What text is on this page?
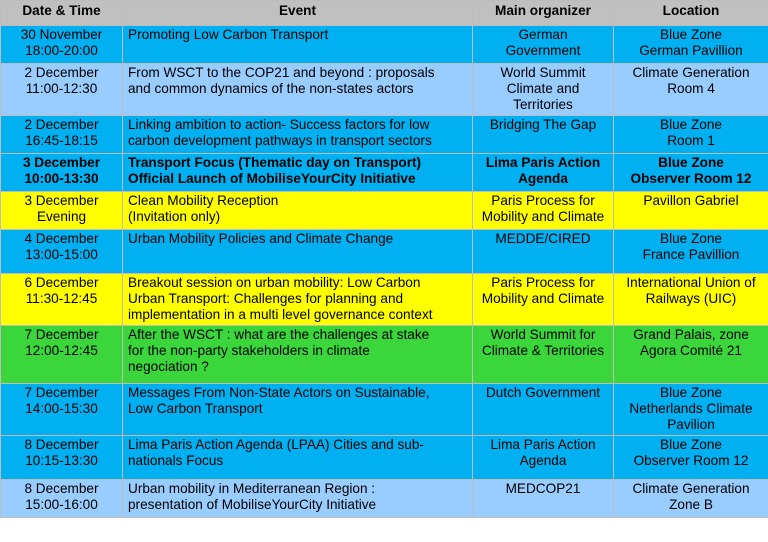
Date & Time	Event	Main organizer	Location

30 November
18:00-20:00	Promoting Low Carbon Transport	German
Government	Blue Zone
German Pavillion

2 December
11:00-12:30	From WSCT to the COP21 and beyond : proposals
and common dynamics of the non-states actors	World Summit
Climate and
Territories	Climate Generation
Room 4

2 December
16:45-18:15	Linking ambition to action- Success factors for low
carbon development pathways in transport sectors	Bridging The Gap	Blue Zone
Room 1

3 December
10:00-13:30	Transport Focus (Thematic day on Transport)
Official Launch of MobiliseYourCity Initiative	Lima Paris Action
Agenda	Blue Zone
Observer Room 12

3 December
Evening	Clean Mobility Reception
(Invitation only)	Paris Process for
Mobility and Climate	Pavillon Gabriel

4 December
13:00-15:00	Urban Mobility Policies and Climate Change	MEDDE/CIRED	Blue Zone
France Pavillion

6 December
11:30-12:45	Breakout session on urban mobility: Low Carbon
Urban Transport: Challenges for planning and
implementation in a multi level governance context	Paris Process for
Mobility and Climate	International Union of
Railways (UIC)

7 December
12:00-12:45	After the WSCT : what are the challenges at stake
for the non-party stakeholders in climate
negociation ?	World Summit for
Climate & Territories	Grand Palais, zone
Agora Comité 21

7 December
14:00-15:30	Messages From Non-State Actors on Sustainable,
Low Carbon Transport	Dutch Government	Blue Zone
Netherlands Climate
Pavilion

8 December
10:15-13:30	Lima Paris Action Agenda (LPAA) Cities and sub-
nationals Focus	Lima Paris Action
Agenda	Blue Zone
Observer Room 12

8 December
15:00-16:00	Urban mobility in Mediterranean Region :
presentation of MobiliseYourCity Initiative	MEDCOP21	Climate Generation
Zone B
